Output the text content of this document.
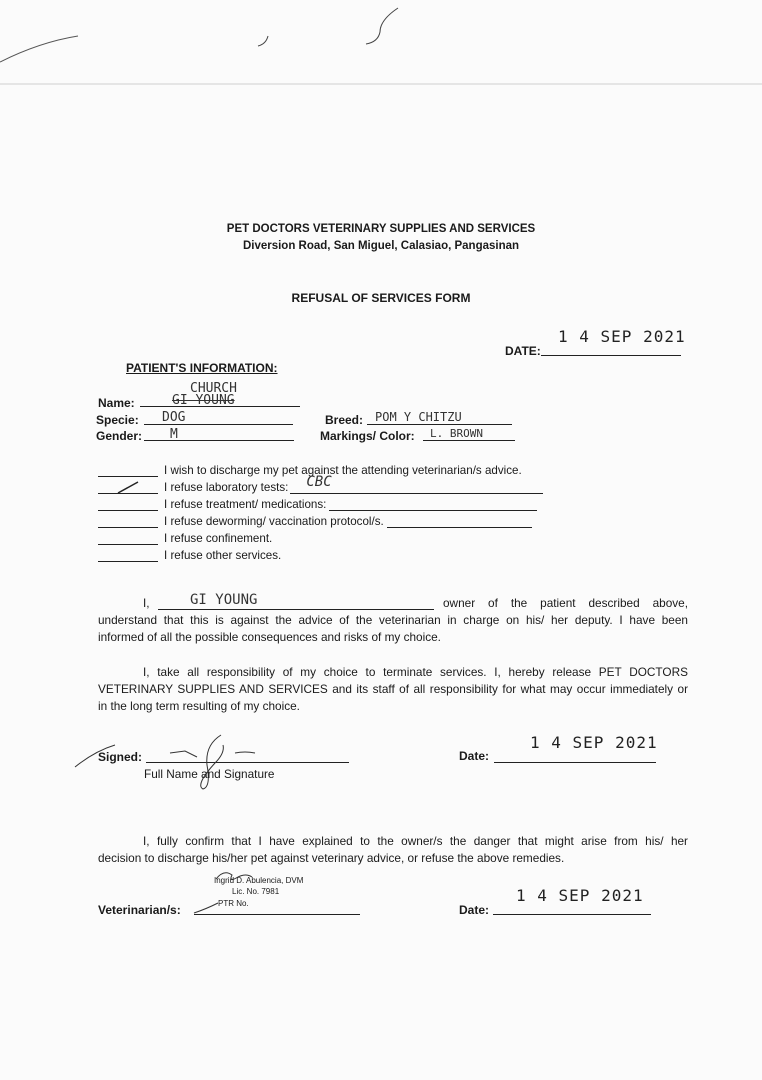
PET DOCTORS VETERINARY SUPPLIES AND SERVICES
Diversion Road, San Miguel, Calasiao, Pangasinan
REFUSAL OF SERVICES FORM
DATE:
1 4 SEP 2021
PATIENT'S INFORMATION:
CHURCH
Name:	GI YOUNG
Specie: DOG
Gender: M
Breed: POM Y CHITZU
Markings/ Color: L. BROWN
I wish to discharge my pet against the attending veterinarian/s advice.
I refuse laboratory tests: CBC
I refuse treatment/ medications:
I refuse deworming/ vaccination protocol/s.
I refuse confinement.
I refuse other services.
I,	GI YOUNG	owner of the patient described above,
understand that this is against the advice of the veterinarian in charge on his/ her deputy. I have been
informed of all the possible consequences and risks of my choice.
I, take all responsibility of my choice to terminate services. I, hereby release PET DOCTORS
VETERINARY SUPPLIES AND SERVICES and its staff of all responsibility for what may occur immediately or
in the long term resulting of my choice.
Signed:
Full Name and Signature
Date:
1 4 SEP 2021
I, fully confirm that I have explained to the owner/s the danger that might arise from his/ her
decision to discharge his/her pet against veterinary advice, or refuse the above remedies.
Veterinarian/s:
Ingrid D. Abulencia, DVM
Lic. No. 7981
PTR No.	Date:
1 4 SEP 2021
